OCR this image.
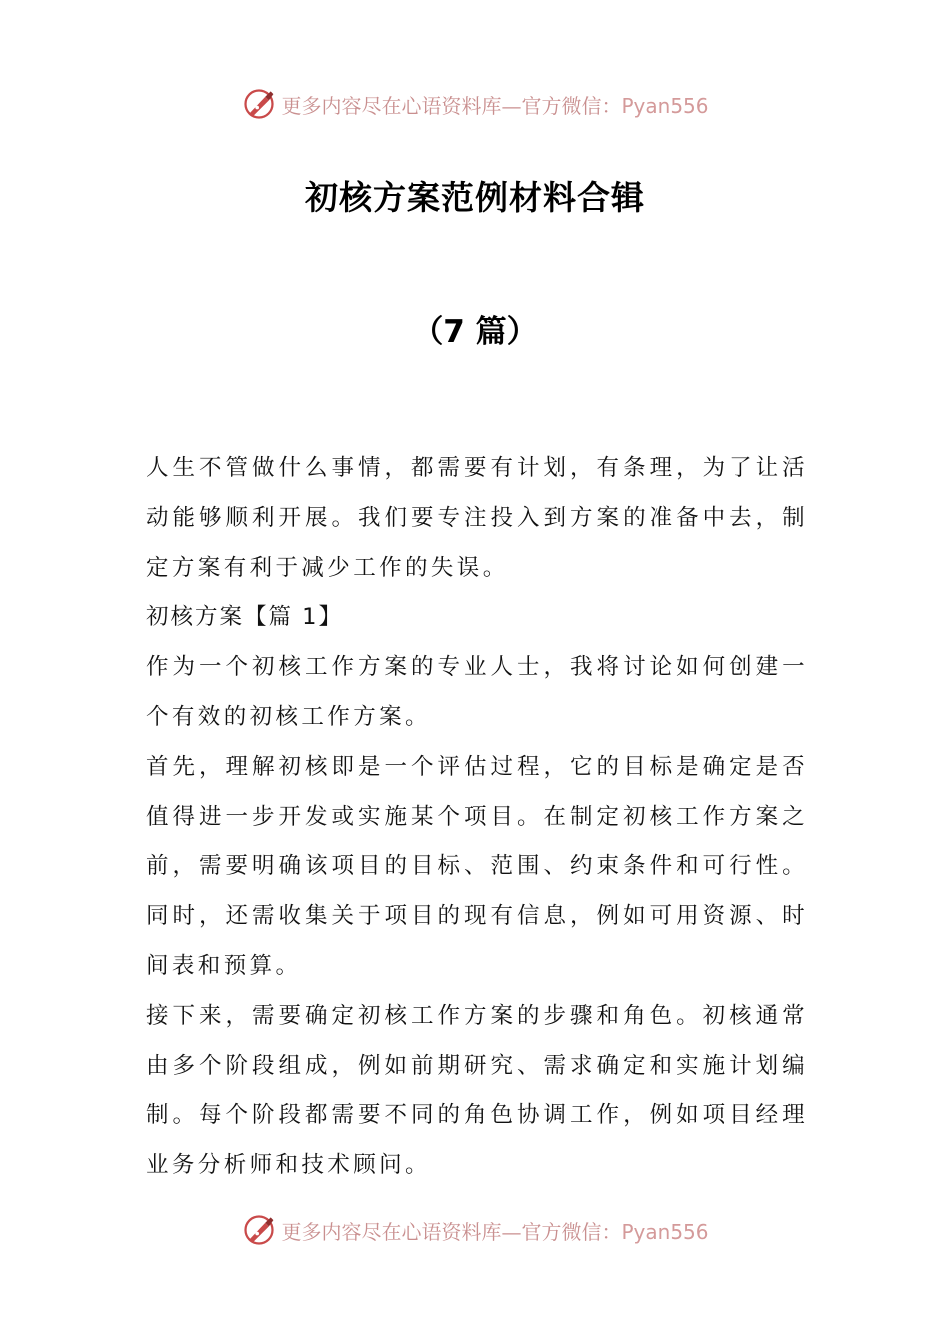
更多内容尽在心语资料库—官方微信：Pyan556
初核方案范例材料合辑
（7 篇）

人生不管做什么事情，都需要有计划，有条理，为了让活动能够顺利开展。我们要专注投入到方案的准备中去，制定方案有利于减少工作的失误。

初核方案【篇 1】

作为一个初核工作方案的专业人士，我将讨论如何创建一个有效的初核工作方案。

首先，理解初核即是一个评估过程，它的目标是确定是否值得进一步开发或实施某个项目。在制定初核工作方案之前，需要明确该项目的目标、范围、约束条件和可行性。同时，还需收集关于项目的现有信息，例如可用资源、时间表和预算。

接下来，需要确定初核工作方案的步骤和角色。初核通常由多个阶段组成，例如前期研究、需求确定和实施计划编制。每个阶段都需要不同的角色协调工作，例如项目经理业务分析师和技术顾问。

更多内容尽在心语资料库—官方微信：Pyan556
